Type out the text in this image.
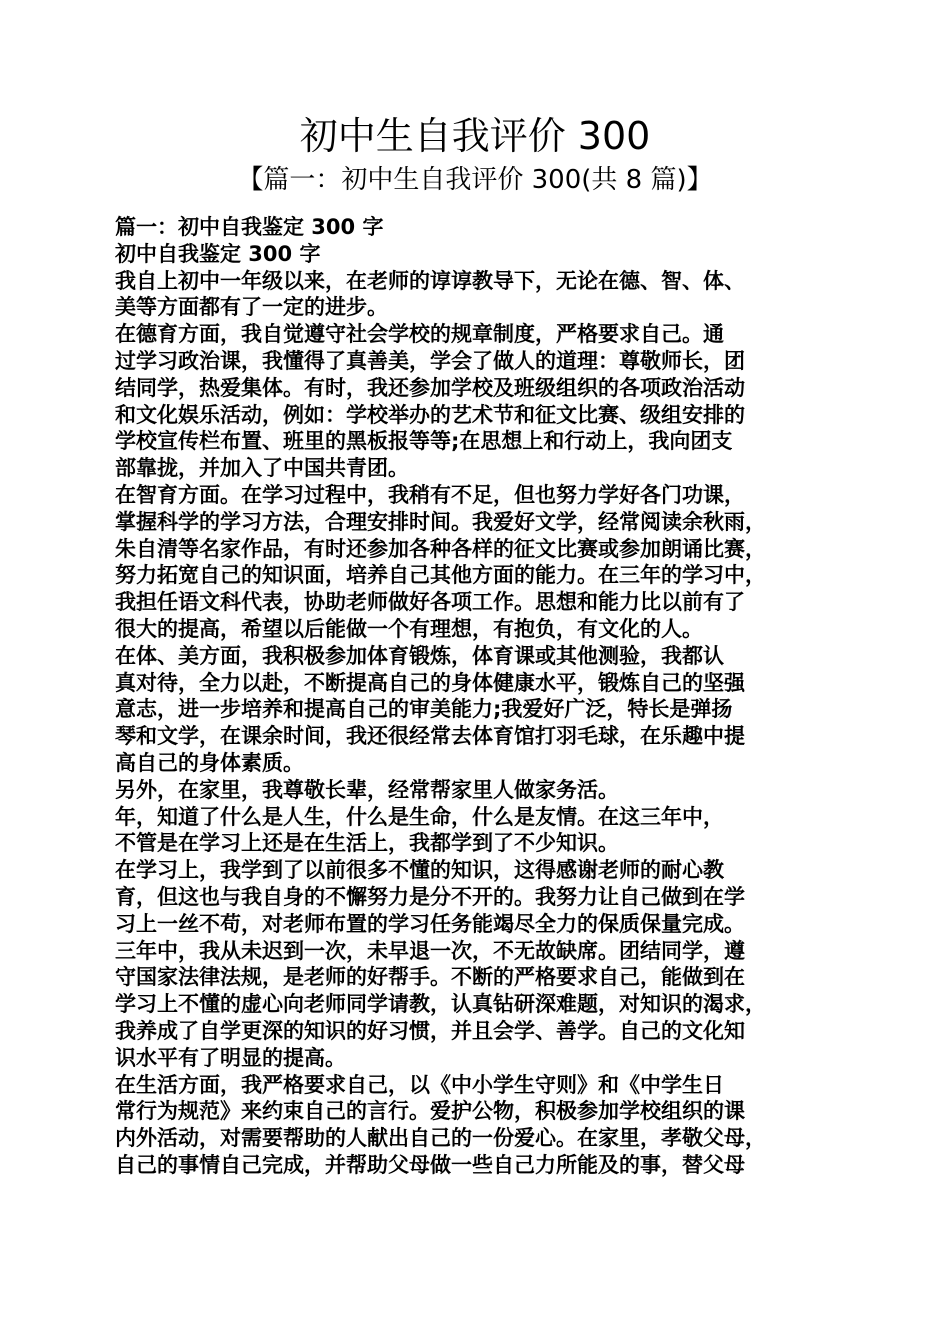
初中生自我评价 300
【篇一：初中生自我评价 300(共 8 篇)】
篇一：初中自我鉴定 300 字
初中自我鉴定 300 字
我自上初中一年级以来，在老师的谆谆教导下，无论在德、智、体、
美等方面都有了一定的进步。
在德育方面，我自觉遵守社会学校的规章制度，严格要求自己。通
过学习政治课，我懂得了真善美，学会了做人的道理：尊敬师长，团
结同学，热爱集体。有时，我还参加学校及班级组织的各项政治活动
和文化娱乐活动，例如：学校举办的艺术节和征文比赛、级组安排的
学校宣传栏布置、班里的黑板报等等;在思想上和行动上，我向团支
部靠拢，并加入了中国共青团。
在智育方面。在学习过程中，我稍有不足，但也努力学好各门功课，
掌握科学的学习方法，合理安排时间。我爱好文学，经常阅读余秋雨，
朱自清等名家作品，有时还参加各种各样的征文比赛或参加朗诵比赛，
努力拓宽自己的知识面，培养自己其他方面的能力。在三年的学习中，
我担任语文科代表，协助老师做好各项工作。思想和能力比以前有了
很大的提高，希望以后能做一个有理想，有抱负，有文化的人。
在体、美方面，我积极参加体育锻炼，体育课或其他测验，我都认
真对待，全力以赴，不断提高自己的身体健康水平，锻炼自己的坚强
意志，进一步培养和提高自己的审美能力;我爱好广泛，特长是弹扬
琴和文学，在课余时间，我还很经常去体育馆打羽毛球，在乐趣中提
高自己的身体素质。
另外，在家里，我尊敬长辈，经常帮家里人做家务活。
年，知道了什么是人生，什么是生命，什么是友情。在这三年中，
不管是在学习上还是在生活上，我都学到了不少知识。
在学习上，我学到了以前很多不懂的知识，这得感谢老师的耐心教
育，但这也与我自身的不懈努力是分不开的。我努力让自己做到在学
习上一丝不苟，对老师布置的学习任务能竭尽全力的保质保量完成。
三年中，我从未迟到一次，未早退一次，不无故缺席。团结同学，遵
守国家法律法规，是老师的好帮手。不断的严格要求自己，能做到在
学习上不懂的虚心向老师同学请教，认真钻研深难题，对知识的渴求，
我养成了自学更深的知识的好习惯，并且会学、善学。自己的文化知
识水平有了明显的提高。
在生活方面，我严格要求自己，以《中小学生守则》和《中学生日
常行为规范》来约束自己的言行。爱护公物，积极参加学校组织的课
内外活动，对需要帮助的人献出自己的一份爱心。在家里，孝敬父母，
自己的事情自己完成，并帮助父母做一些自己力所能及的事，替父母
